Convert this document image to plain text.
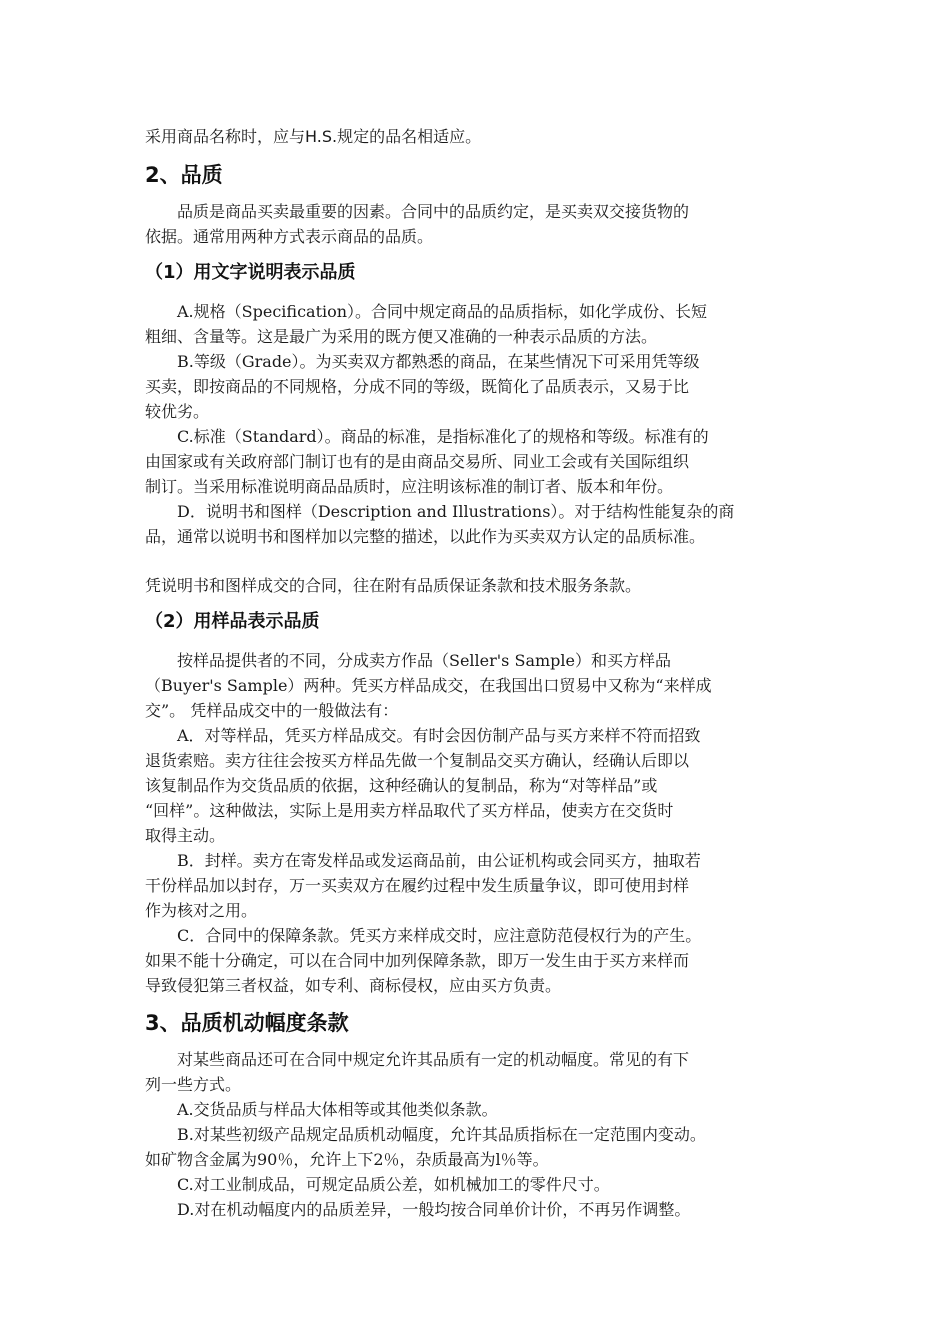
采用商品名称时，应与H.S.规定的品名相适应。
2、品质
　　品质是商品买卖最重要的因素。合同中的品质约定，是买卖双交接货物的
依据。通常用两种方式表示商品的品质。
（1）用文字说明表示品质
　　A.规格（Specification）。合同中规定商品的品质指标，如化学成份、长短
粗细、含量等。这是最广为采用的既方便又准确的一种表示品质的方法。
　　B.等级（Grade）。为买卖双方都熟悉的商品，在某些情况下可采用凭等级
买卖，即按商品的不同规格，分成不同的等级，既简化了品质表示，又易于比
较优劣。
　　C.标准（Standard）。商品的标准，是指标准化了的规格和等级。标准有的
由国家或有关政府部门制订也有的是由商品交易所、同业工会或有关国际组织
制订。当采用标准说明商品品质时，应注明该标准的制订者、版本和年份。
　　D．说明书和图样（Description and Illustrations）。对于结构性能复杂的商
品，通常以说明书和图样加以完整的描述，以此作为买卖双方认定的品质标准。
凭说明书和图样成交的合同，往在附有品质保证条款和技术服务条款。
（2）用样品表示品质
　　按样品提供者的不同，分成卖方作品（Seller's Sample）和买方样品
（Buyer's Sample）两种。凭买方样品成交，在我国出口贸易中又称为“来样成
交”。 凭样品成交中的一般做法有：
　　A．对等样品，凭买方样品成交。有时会因仿制产品与买方来样不符而招致
退货索赔。卖方往往会按买方样品先做一个复制品交买方确认，经确认后即以
该复制品作为交货品质的依据，这种经确认的复制品，称为“对等样品”或
“回样”。这种做法，实际上是用卖方样品取代了买方样品，使卖方在交货时
取得主动。
　　B．封样。卖方在寄发样品或发运商品前，由公证机构或会同买方，抽取若
干份样品加以封存，万一买卖双方在履约过程中发生质量争议，即可使用封样
作为核对之用。
　　C．合同中的保障条款。凭买方来样成交时，应注意防范侵权行为的产生。
如果不能十分确定，可以在合同中加列保障条款，即万一发生由于买方来样而
导致侵犯第三者权益，如专利、商标侵权，应由买方负责。
3、品质机动幅度条款
　　对某些商品还可在合同中规定允许其品质有一定的机动幅度。常见的有下
列一些方式。
　　A.交货品质与样品大体相等或其他类似条款。
　　B.对某些初级产品规定品质机动幅度，允许其品质指标在一定范围内变动。
如矿物含金属为90％，允许上下2％，杂质最高为l％等。
　　C.对工业制成品，可规定品质公差，如机械加工的零件尺寸。
　　D.对在机动幅度内的品质差异，一般均按合同单价计价，不再另作调整。
